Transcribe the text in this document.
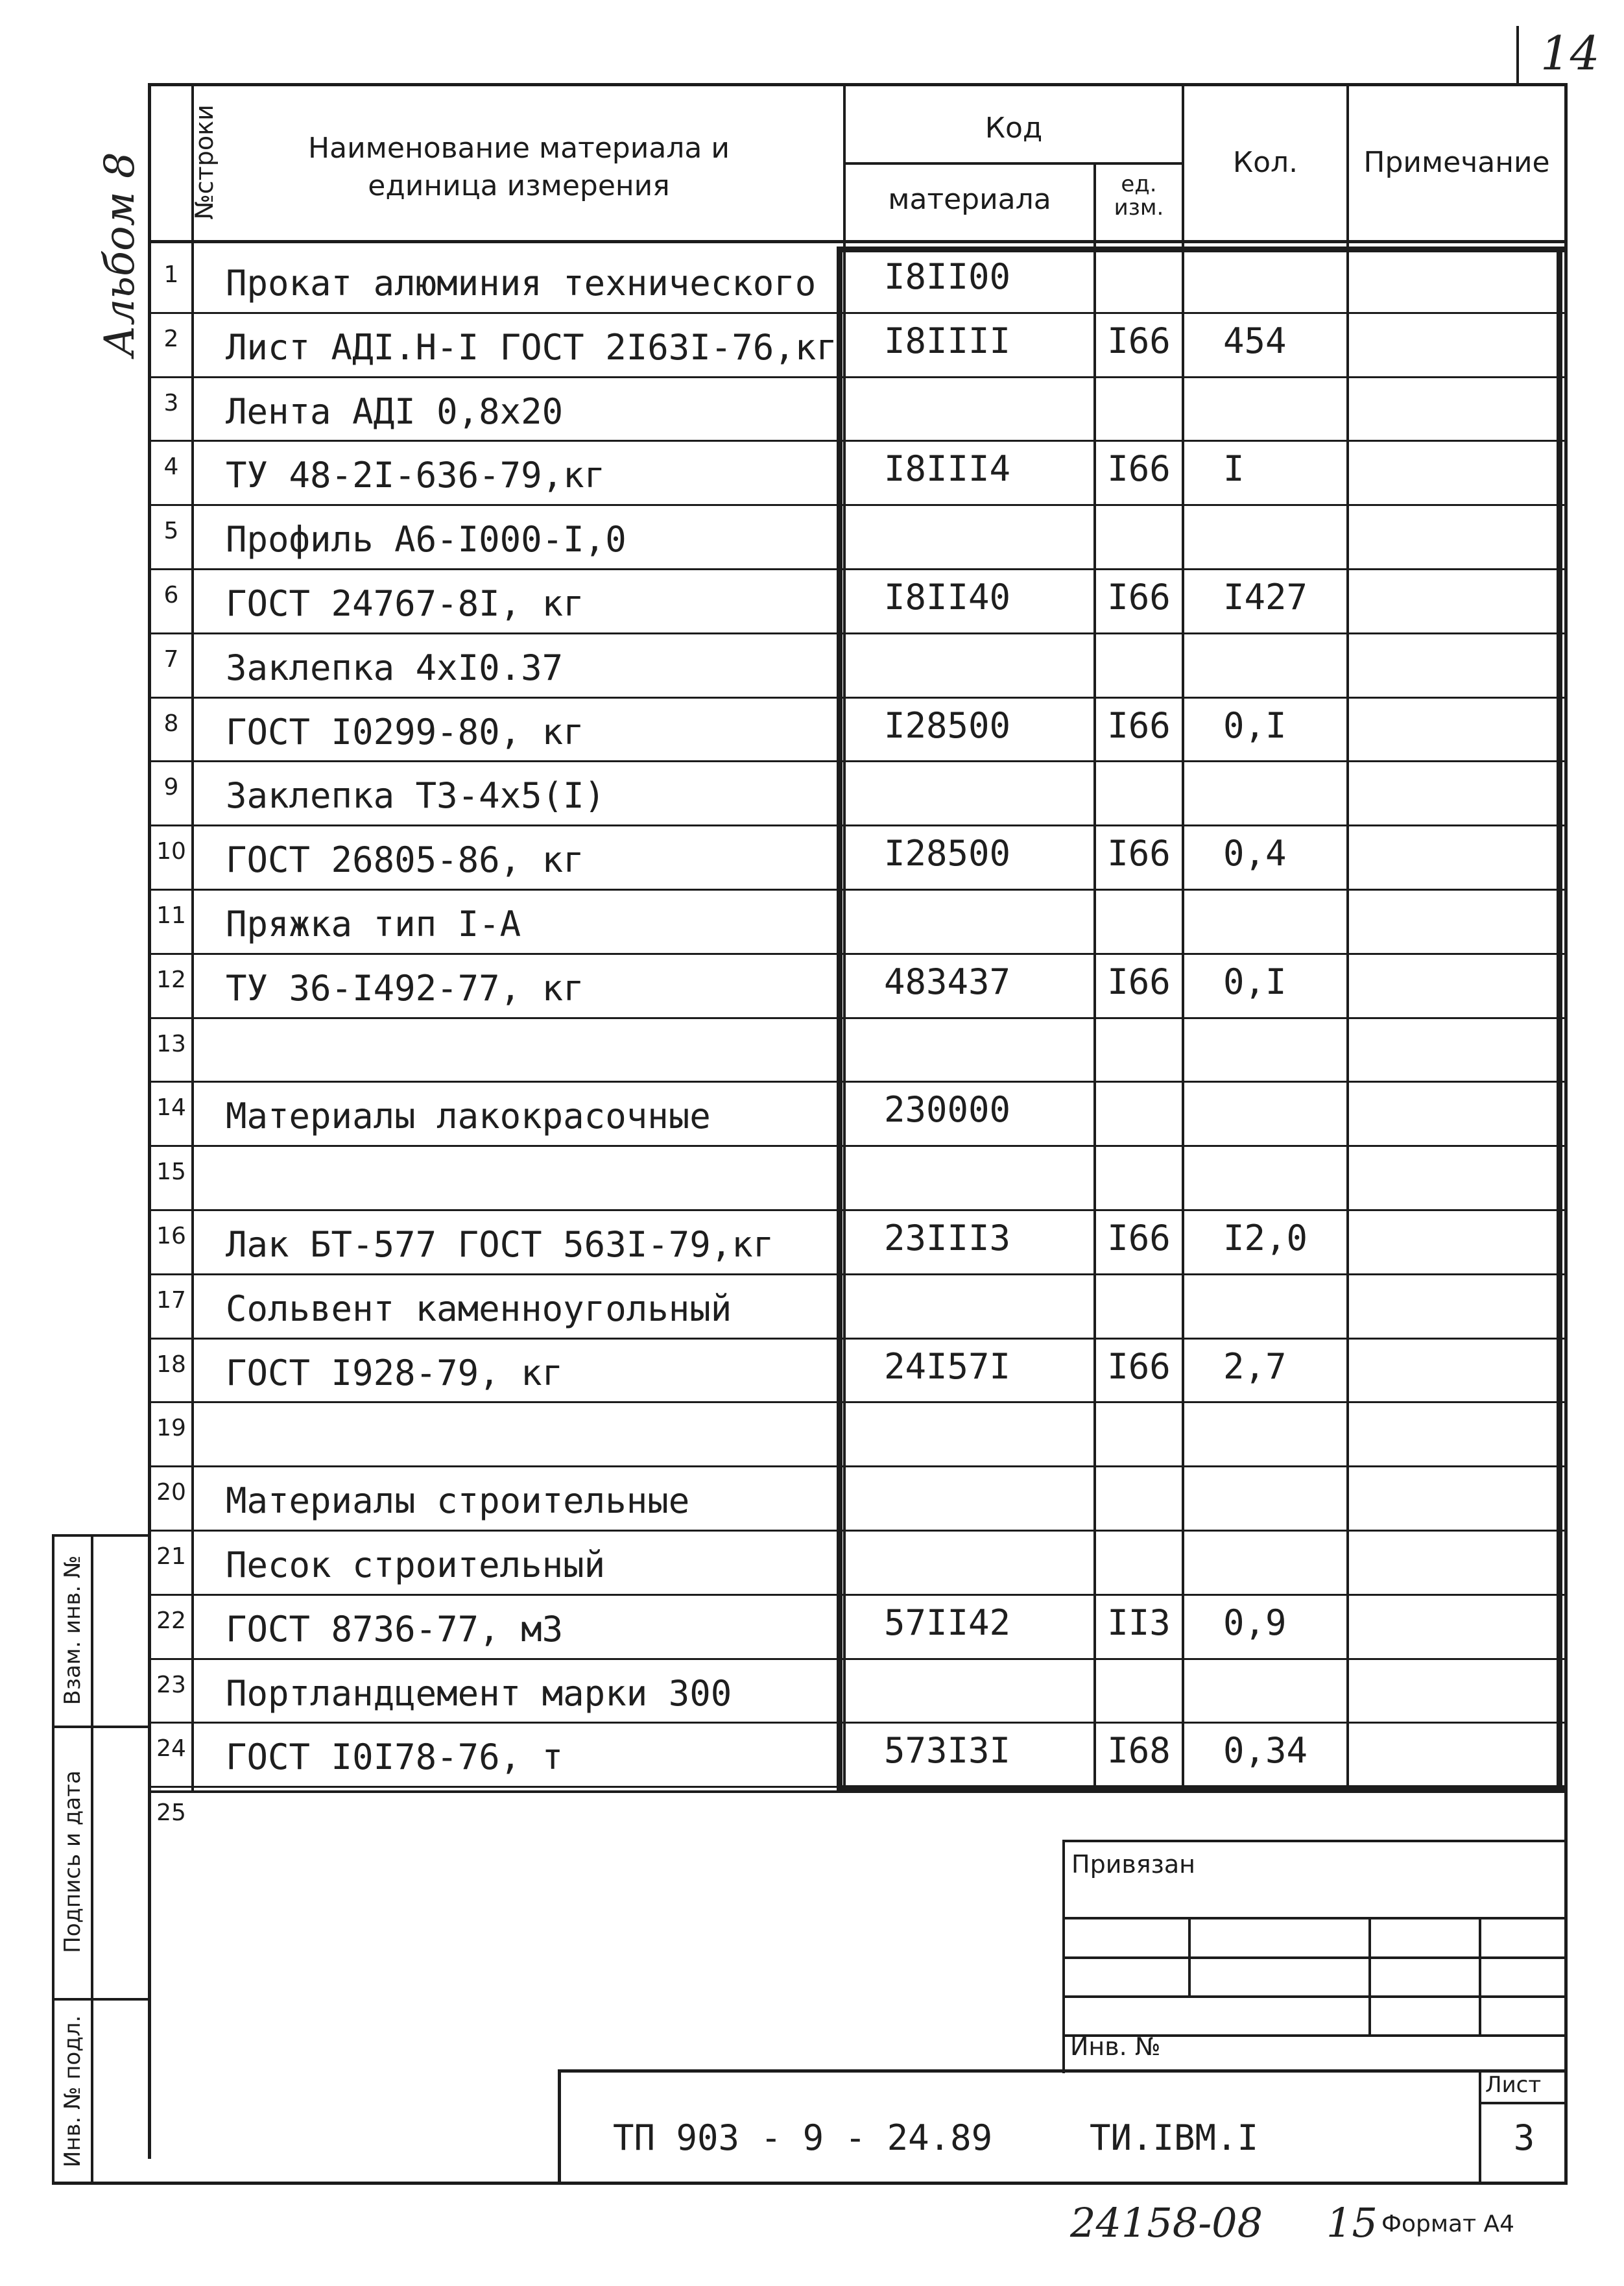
14
Альбом 8 №строки	Наименование материала и единица измерения
Код
материала	ед. изм.
Кол.	Примечание
1	Прокат алюминия технического	I8II00
2	Лист АДI.Н-I ГОСТ 2I63I-76,кг	I8IIII	I66	454
3	Лента АДI 0,8х20
4	ТУ 48-2I-636-79,кг	I8III4	I66	I
5	Профиль А6-I000-I,0
6	ГОСТ 24767-8I, кг	I8II40	I66	I427
7	Заклепка 4хI0.37
8	ГОСТ I0299-80, кг	I28500	I66	0,I
9	Заклепка Т3-4х5(I)
10 ГОСТ 26805-86, кг	I28500	I66	0,4
11 Пряжка тип I-А
12 ТУ 36-I492-77, кг	483437	I66	0,I
13
14 Материалы лакокрасочные	230000
15
16 Лак БТ-577 ГОСТ 563I-79,кг	23III3	I66	I2,0
17 Сольвент каменноугольный
18 ГОСТ I928-79, кг	24I57I	I66	2,7
19
20 Материалы строительные
21 Песок строительный
22 ГОСТ 8736-77, м3	57II42	II3	0,9
23 Портландцемент марки 300
24 ГОСТ I0I78-76, т	573I3I	I68	0,34
25
Взам. инв. №
Подпись и дата
Инв. № подл.
Привязан
Инв. №
Лист
3
ТП 903 - 9 - 24.89	ТИ.IВМ.I
24158-08 15 Формат А4
